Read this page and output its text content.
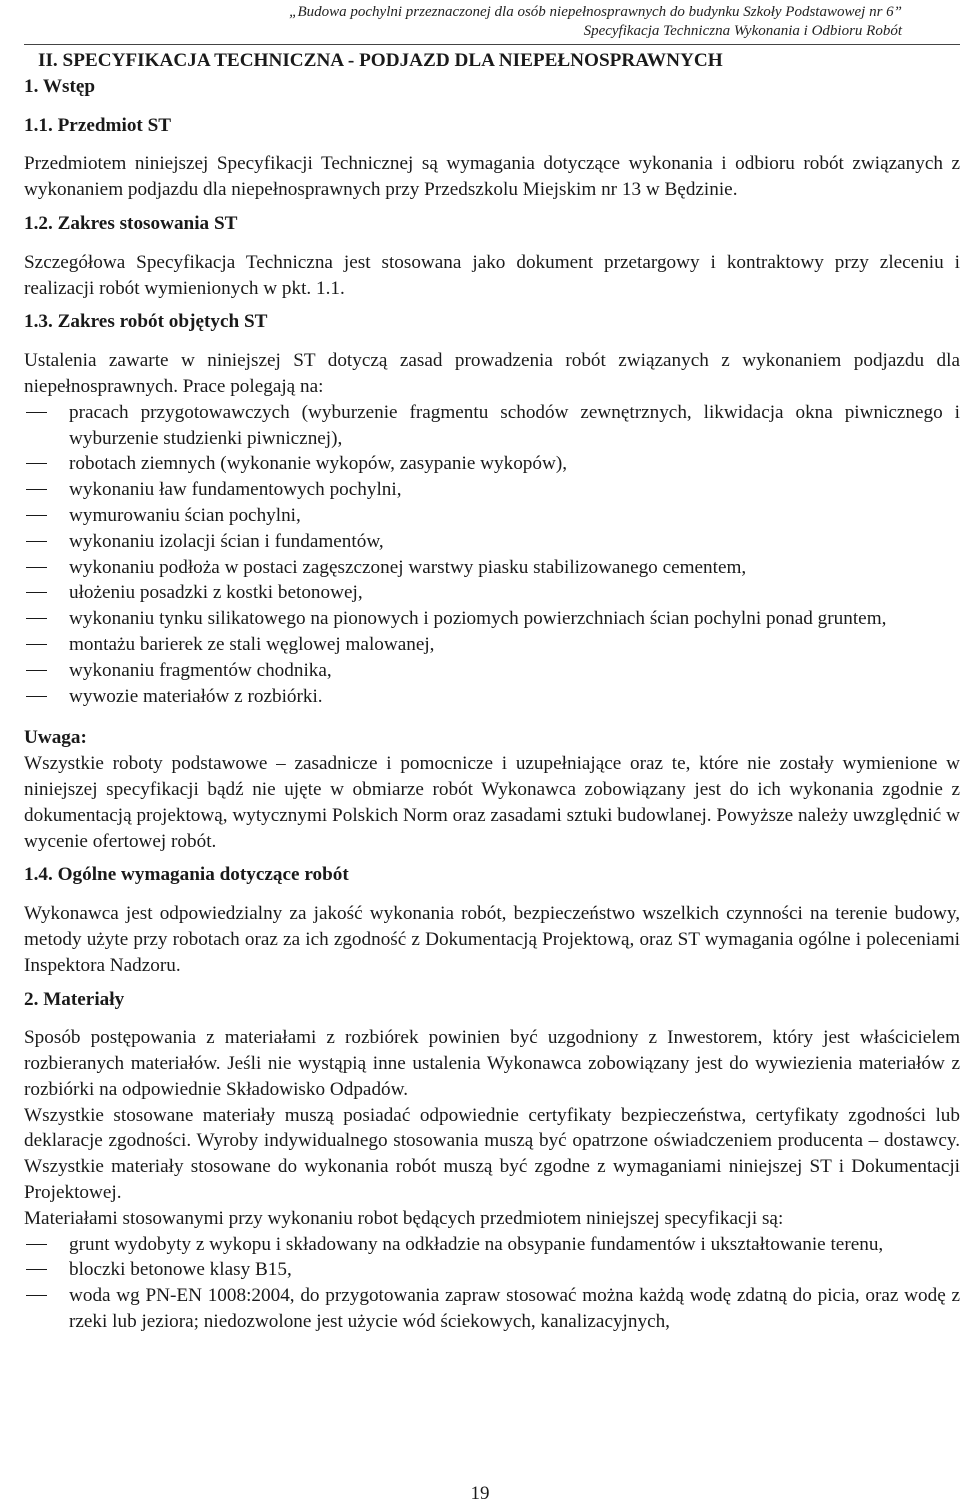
„Budowa pochylni przeznaczonej dla osób niepełnosprawnych do budynku Szkoły Podstawowej nr 6”
Specyfikacja Techniczna Wykonania i Odbioru Robót

II. SPECYFIKACJA TECHNICZNA - PODJAZD DLA NIEPEŁNOSPRAWNYCH

1. Wstęp

1.1. Przedmiot ST

Przedmiotem niniejszej Specyfikacji Technicznej są wymagania dotyczące wykonania i odbioru robót związanych z wykonaniem podjazdu dla niepełnosprawnych przy Przedszkolu Miejskim nr 13 w Będzinie.

1.2. Zakres stosowania ST

Szczegółowa Specyfikacja Techniczna jest stosowana jako dokument przetargowy i kontraktowy przy zleceniu i realizacji robót wymienionych w pkt. 1.1.

1.3. Zakres robót objętych ST

Ustalenia zawarte w niniejszej ST dotyczą zasad prowadzenia robót związanych z wykonaniem podjazdu dla niepełnosprawnych. Prace polegają na:

pracach przygotowawczych (wyburzenie fragmentu schodów zewnętrznych, likwidacja okna piwnicznego i wyburzenie studzienki piwnicznej),
robotach ziemnych (wykonanie wykopów, zasypanie wykopów),
wykonaniu ław fundamentowych pochylni,
wymurowaniu ścian pochylni,
wykonaniu izolacji ścian i fundamentów,
wykonaniu podłoża w postaci zagęszczonej warstwy piasku stabilizowanego cementem,
ułożeniu posadzki z kostki betonowej,
wykonaniu tynku silikatowego na pionowych i poziomych powierzchniach ścian pochylni ponad gruntem,
montażu barierek ze stali węglowej malowanej,
wykonaniu fragmentów chodnika,
wywozie materiałów z rozbiórki.

Uwaga:

Wszystkie roboty podstawowe – zasadnicze i pomocnicze i uzupełniające oraz te, które nie zostały wymienione w niniejszej specyfikacji bądź nie ujęte w obmiarze robót Wykonawca zobowiązany jest do ich wykonania zgodnie z dokumentacją projektową, wytycznymi Polskich Norm oraz zasadami sztuki budowlanej. Powyższe należy uwzględnić w wycenie ofertowej robót.

1.4. Ogólne wymagania dotyczące robót

Wykonawca jest odpowiedzialny za jakość wykonania robót, bezpieczeństwo wszelkich czynności na terenie budowy, metody użyte przy robotach oraz za ich zgodność z Dokumentacją Projektową, oraz ST wymagania ogólne i poleceniami Inspektora Nadzoru.

2. Materiały

Sposób postępowania z materiałami z rozbiórek powinien być uzgodniony z Inwestorem, który jest właścicielem rozbieranych materiałów. Jeśli nie wystąpią inne ustalenia Wykonawca zobowiązany jest do wywiezienia materiałów z rozbiórki na odpowiednie Składowisko Odpadów.

Wszystkie stosowane materiały muszą posiadać odpowiednie certyfikaty bezpieczeństwa, certyfikaty zgodności lub deklaracje zgodności. Wyroby indywidualnego stosowania muszą być opatrzone oświadczeniem producenta – dostawcy. Wszystkie materiały stosowane do wykonania robót muszą być zgodne z wymaganiami niniejszej ST i Dokumentacji Projektowej.

Materiałami stosowanymi przy wykonaniu robot będących przedmiotem niniejszej specyfikacji są:

grunt wydobyty z wykopu i składowany na odkładzie na obsypanie fundamentów i ukształtowanie terenu,
bloczki betonowe klasy B15,
woda wg PN-EN 1008:2004, do przygotowania zapraw stosować można każdą wodę zdatną do picia, oraz wodę z rzeki lub jeziora; niedozwolone jest użycie wód ściekowych, kanalizacyjnych,
19
